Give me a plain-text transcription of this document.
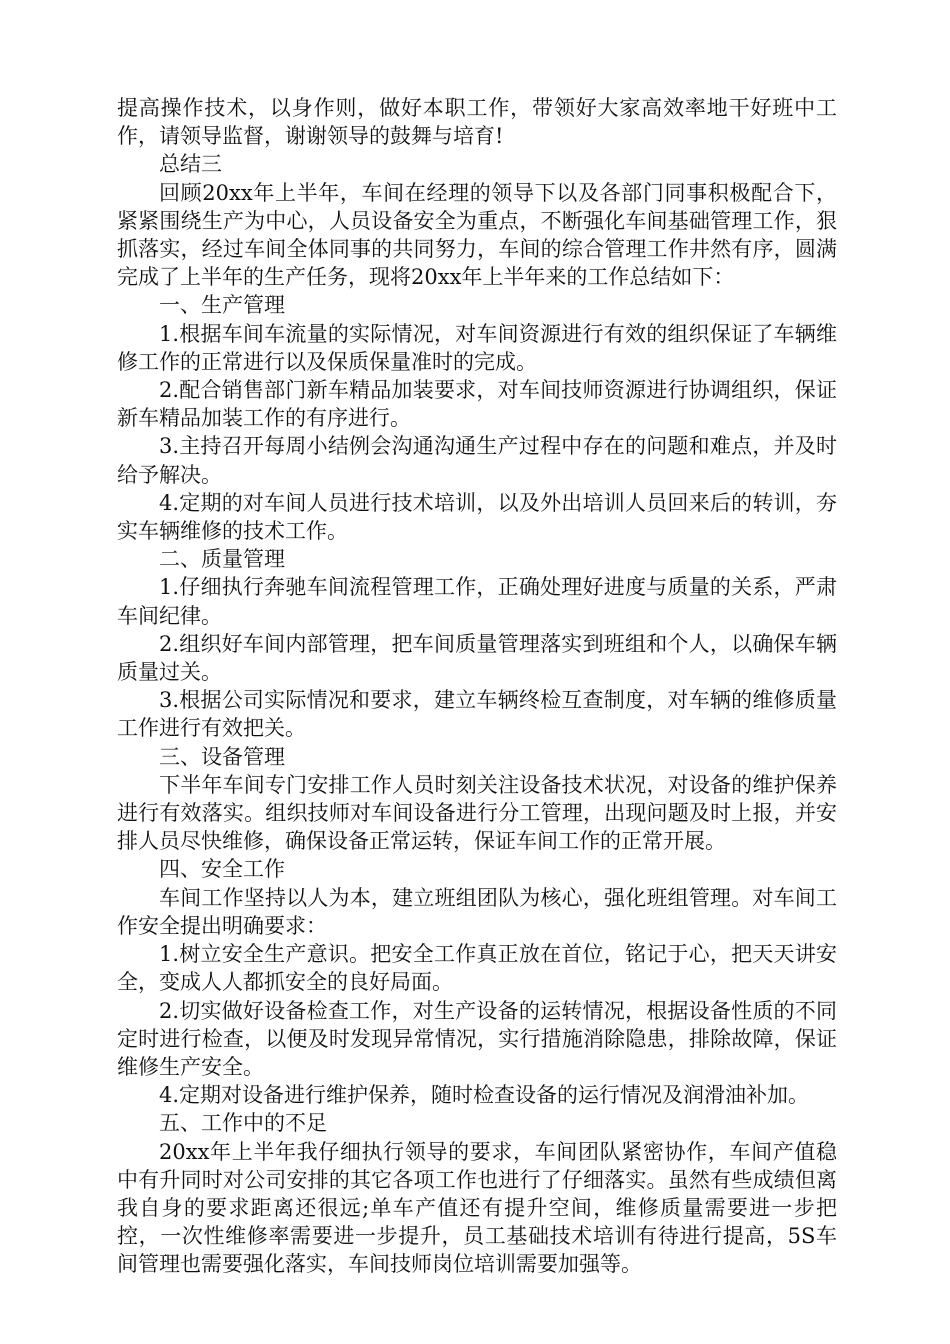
提高操作技术，以身作则，做好本职工作，带领好大家高效率地干好班中工作，请领导监督，谢谢领导的鼓舞与培育!

总结三

回顾20xx年上半年，车间在经理的领导下以及各部门同事积极配合下，紧紧围绕生产为中心，人员设备安全为重点，不断强化车间基础管理工作，狠抓落实，经过车间全体同事的共同努力，车间的综合管理工作井然有序，圆满完成了上半年的生产任务，现将20xx年上半年来的工作总结如下：

一、生产管理

1.根据车间车流量的实际情况，对车间资源进行有效的组织保证了车辆维修工作的正常进行以及保质保量准时的完成。

2.配合销售部门新车精品加装要求，对车间技师资源进行协调组织，保证新车精品加装工作的有序进行。

3.主持召开每周小结例会沟通沟通生产过程中存在的问题和难点，并及时给予解决。

4.定期的对车间人员进行技术培训，以及外出培训人员回来后的转训，夯实车辆维修的技术工作。

二、质量管理

1.仔细执行奔驰车间流程管理工作，正确处理好进度与质量的关系，严肃车间纪律。

2.组织好车间内部管理，把车间质量管理落实到班组和个人，以确保车辆质量过关。

3.根据公司实际情况和要求，建立车辆终检互查制度，对车辆的维修质量工作进行有效把关。

三、设备管理

下半年车间专门安排工作人员时刻关注设备技术状况，对设备的维护保养进行有效落实。组织技师对车间设备进行分工管理，出现问题及时上报，并安排人员尽快维修，确保设备正常运转，保证车间工作的正常开展。

四、安全工作

车间工作坚持以人为本，建立班组团队为核心，强化班组管理。对车间工作安全提出明确要求：

1.树立安全生产意识。把安全工作真正放在首位，铭记于心，把天天讲安全，变成人人都抓安全的良好局面。

2.切实做好设备检查工作，对生产设备的运转情况，根据设备性质的不同定时进行检查，以便及时发现异常情况，实行措施消除隐患，排除故障，保证维修生产安全。

4.定期对设备进行维护保养，随时检查设备的运行情况及润滑油补加。

五、工作中的不足

20xx年上半年我仔细执行领导的要求，车间团队紧密协作，车间产值稳中有升同时对公司安排的其它各项工作也进行了仔细落实。虽然有些成绩但离我自身的要求距离还很远;单车产值还有提升空间，维修质量需要进一步把控，一次性维修率需要进一步提升，员工基础技术培训有待进行提高，5S车间管理也需要强化落实，车间技师岗位培训需要加强等。
